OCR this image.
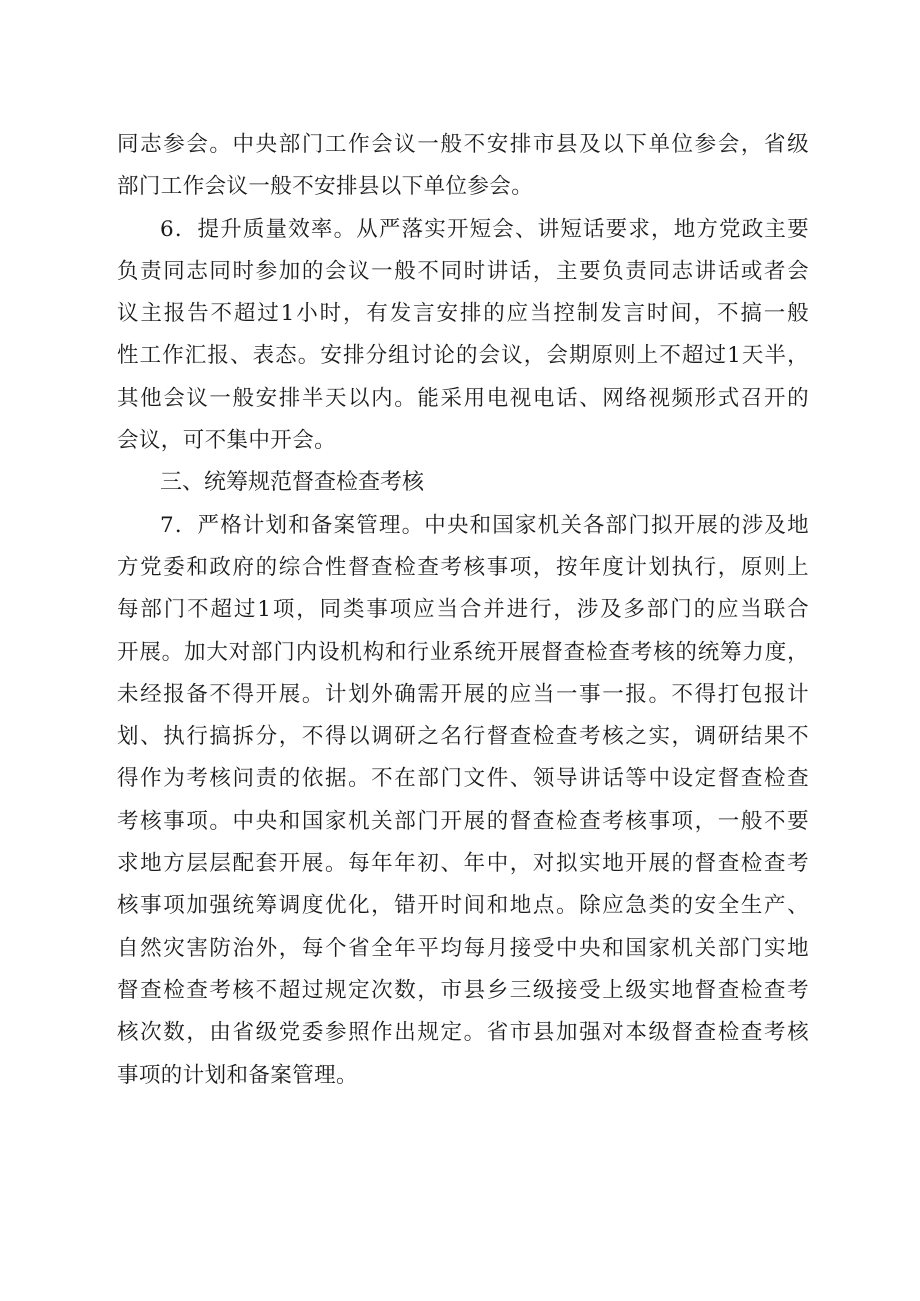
同志参会。中央部门工作会议一般不安排市县及以下单位参会，省级
部门工作会议一般不安排县以下单位参会。
6．提升质量效率。从严落实开短会、讲短话要求，地方党政主要
负责同志同时参加的会议一般不同时讲话，主要负责同志讲话或者会
议主报告不超过1小时，有发言安排的应当控制发言时间，不搞一般
性工作汇报、表态。安排分组讨论的会议，会期原则上不超过1天半，
其他会议一般安排半天以内。能采用电视电话、网络视频形式召开的
会议，可不集中开会。
三、统筹规范督查检查考核
7．严格计划和备案管理。中央和国家机关各部门拟开展的涉及地
方党委和政府的综合性督查检查考核事项，按年度计划执行，原则上
每部门不超过1项，同类事项应当合并进行，涉及多部门的应当联合
开展。加大对部门内设机构和行业系统开展督查检查考核的统筹力度，
未经报备不得开展。计划外确需开展的应当一事一报。不得打包报计
划、执行搞拆分，不得以调研之名行督查检查考核之实，调研结果不
得作为考核问责的依据。不在部门文件、领导讲话等中设定督查检查
考核事项。中央和国家机关部门开展的督查检查考核事项，一般不要
求地方层层配套开展。每年年初、年中，对拟实地开展的督查检查考
核事项加强统筹调度优化，错开时间和地点。除应急类的安全生产、
自然灾害防治外，每个省全年平均每月接受中央和国家机关部门实地
督查检查考核不超过规定次数，市县乡三级接受上级实地督查检查考
核次数，由省级党委参照作出规定。省市县加强对本级督查检查考核
事项的计划和备案管理。
